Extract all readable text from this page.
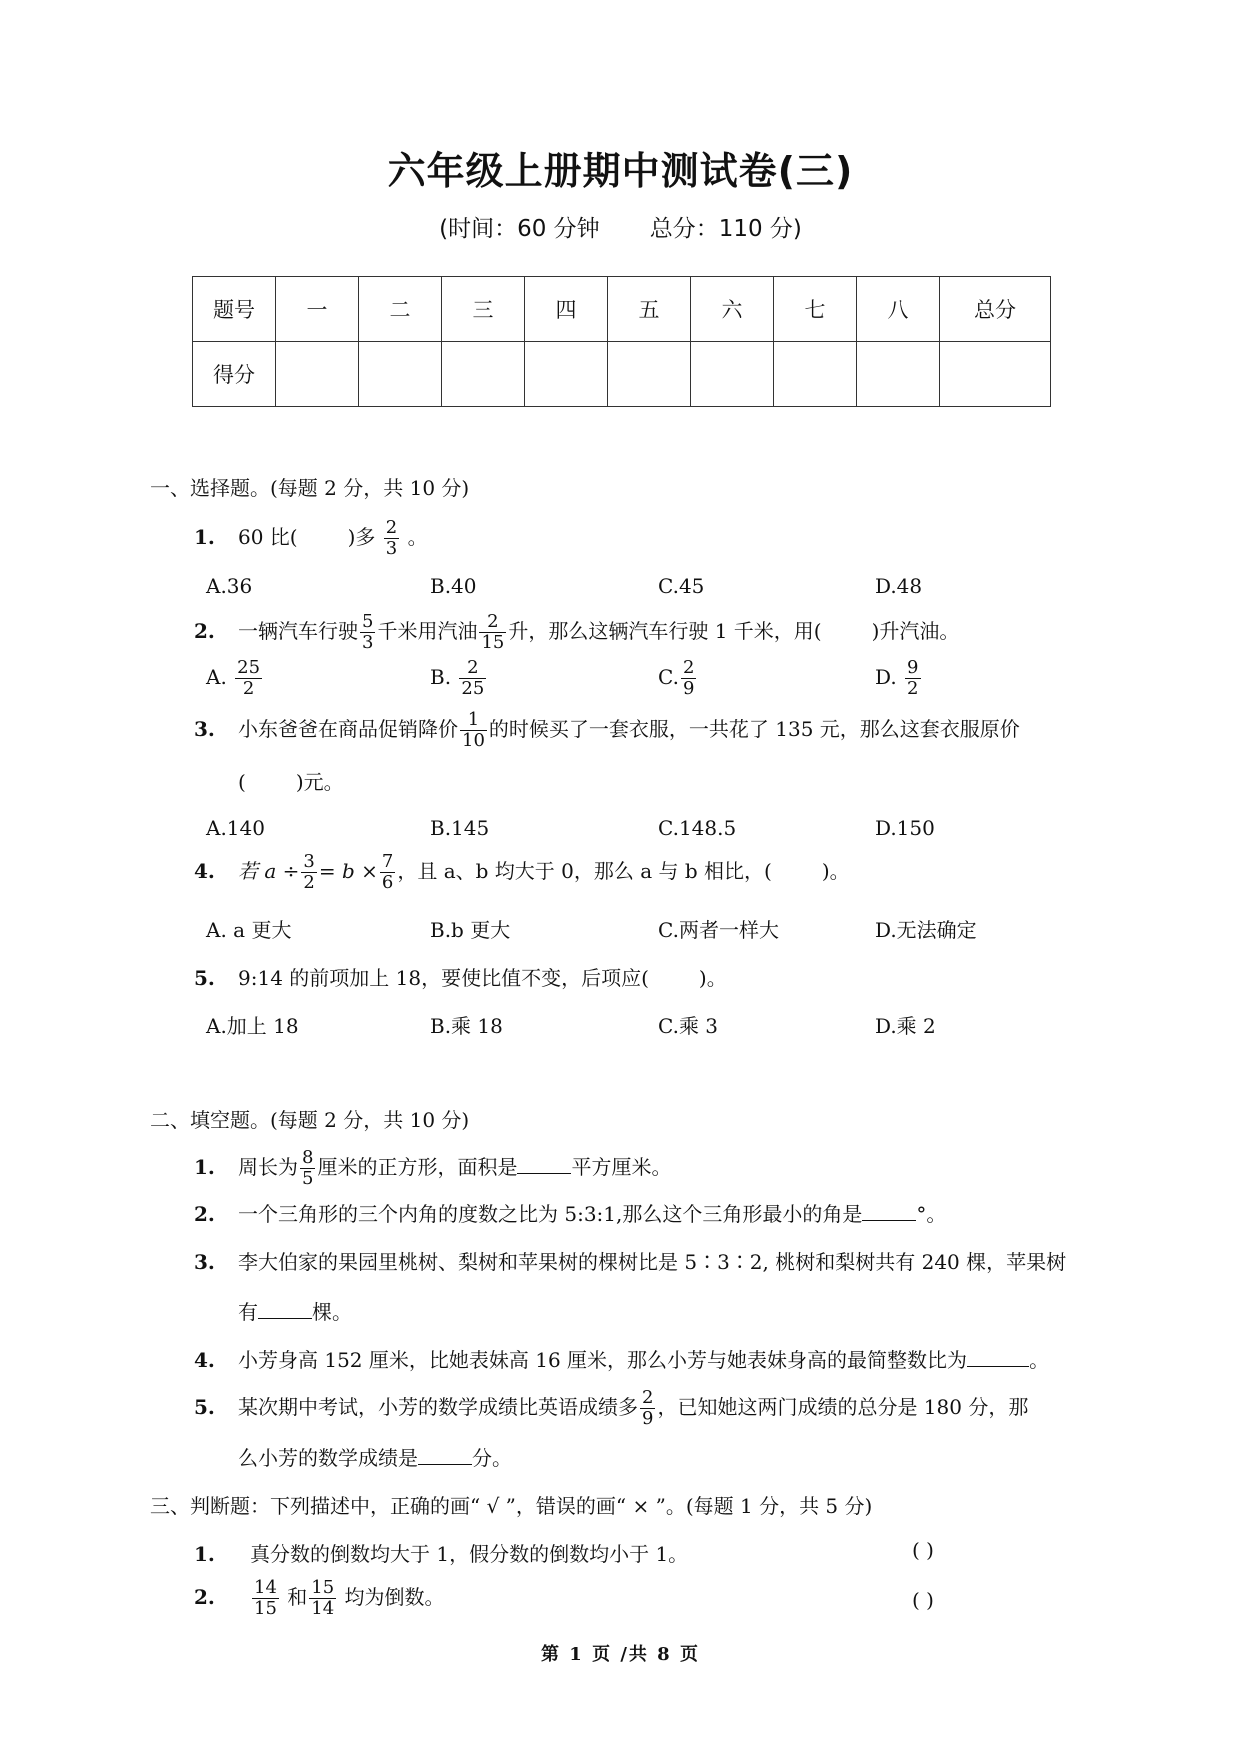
六年级上册期中测试卷(三)
(时间：60 分钟 总分：110 分)
题号	一	二	三	四	五	六	七	八	总分
得分									
一、选择题。(每题 2 分，共 10 分)
1. 60 比(	)多 $\frac{2}{3}$ 。
A.36	B.40	C.45	D.48
2. 一辆汽车行驶 $\frac{5}{3}$ 千米用汽油 $\frac{2}{15}$ 升，那么这辆汽车行驶 1 千米，用(	)升汽油。
A. $\frac{25}{2}$	B. $\frac{2}{25}$	C. $\frac{2}{9}$	D. $\frac{9}{2}$
3. 小东爸爸在商品促销降价 $\frac{1}{10}$ 的时候买了一套衣服，一共花了 135 元，那么这套衣服原价
(	)元。
A.140	B.145	C.148.5	D.150
4. 若 $a \div \frac{3}{2} = b \times \frac{7}{6}$ ，且 a、b 均大于 0，那么 a 与 b 相比，(	)。
A. a 更大	B.b 更大	C.两者一样大	D.无法确定
5. 9:14 的前项加上 18，要使比值不变，后项应(	)。
A.加上 18	B.乘 18	C.乘 3	D.乘 2
二、填空题。(每题 2 分，共 10 分)
1. 周长为 $\frac{8}{5}$ 厘米的正方形，面积是	平方厘米。
2. 一个三角形的三个内角的度数之比为 5:3:1,那么这个三角形最小的角是	°。
3. 李大伯家的果园里桃树、梨树和苹果树的棵树比是 5∶3∶2, 桃树和梨树共有 240 棵，苹果树
有	棵。
4. 小芳身高 152 厘米，比她表妹高 16 厘米，那么小芳与她表妹身高的最简整数比为	。
5. 某次期中考试，小芳的数学成绩比英语成绩多 $\frac{2}{9}$ ，已知她这两门成绩的总分是 180 分，那
么小芳的数学成绩是	分。
三、判断题：下列描述中，正确的画“ √ ”，错误的画“ × ”。(每题 1 分，共 5 分)
1. 真分数的倒数均大于 1，假分数的倒数均小于 1。	( )
2. $\frac{14}{15}$ 和 $\frac{15}{14}$ 均为倒数。	( )
第 1 页 /共 8 页
